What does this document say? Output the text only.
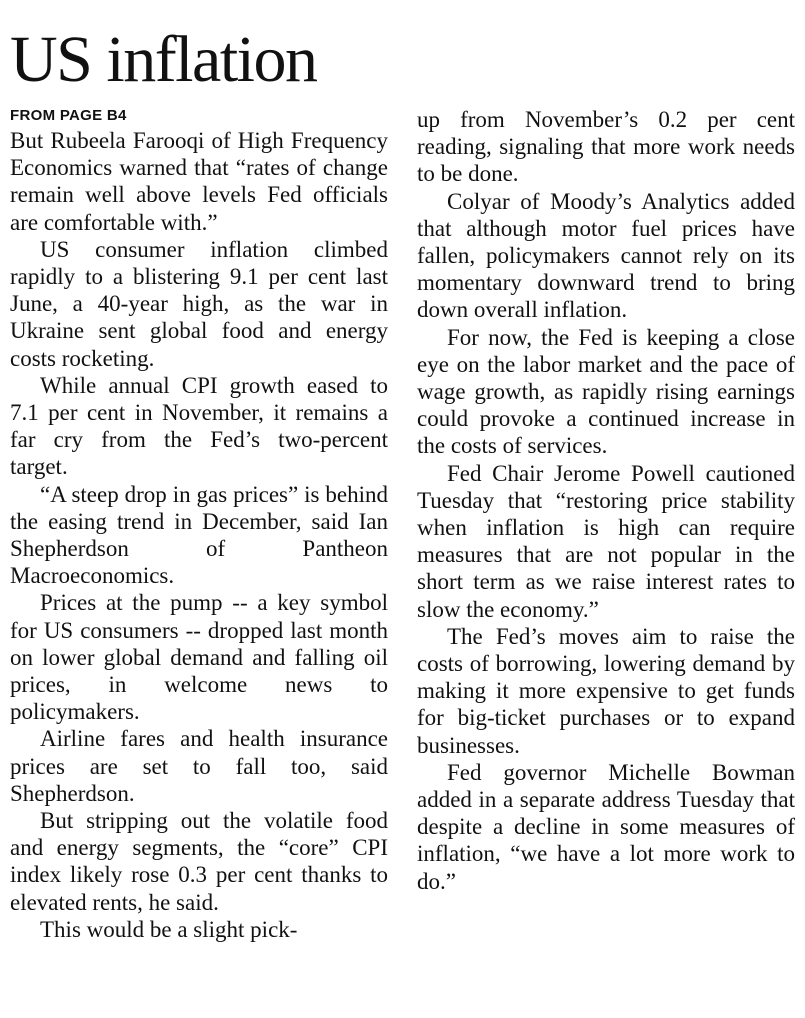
US inflation
FROM PAGE B4

But Rubeela Farooqi of High Frequency Economics warned that “rates of change remain well above levels Fed officials are comfortable with.”

US consumer inflation climbed rapidly to a blistering 9.1 per cent last June, a 40-year high, as the war in Ukraine sent global food and energy costs rocketing.

While annual CPI growth eased to 7.1 per cent in November, it remains a far cry from the Fed’s two-percent target.

“A steep drop in gas prices” is behind the easing trend in December, said Ian Shepherdson of Pantheon Macroeconomics.

Prices at the pump -- a key symbol for US consumers -- dropped last month on lower global demand and falling oil prices, in welcome news to policymakers.

Airline fares and health insurance prices are set to fall too, said Shepherdson.

But stripping out the volatile food and energy segments, the “core” CPI index likely rose 0.3 per cent thanks to elevated rents, he said.

This would be a slight pick-

up from November’s 0.2 per cent reading, signaling that more work needs to be done.

Colyar of Moody’s Analytics added that although motor fuel prices have fallen, policymakers cannot rely on its momentary downward trend to bring down overall inflation.

For now, the Fed is keeping a close eye on the labor market and the pace of wage growth, as rapidly rising earnings could provoke a continued increase in the costs of services.

Fed Chair Jerome Powell cautioned Tuesday that “restoring price stability when inflation is high can require measures that are not popular in the short term as we raise interest rates to slow the economy.”

The Fed’s moves aim to raise the costs of borrowing, lowering demand by making it more expensive to get funds for big-ticket purchases or to expand businesses.

Fed governor Michelle Bowman added in a separate address Tuesday that despite a decline in some measures of inflation, “we have a lot more work to do.”
